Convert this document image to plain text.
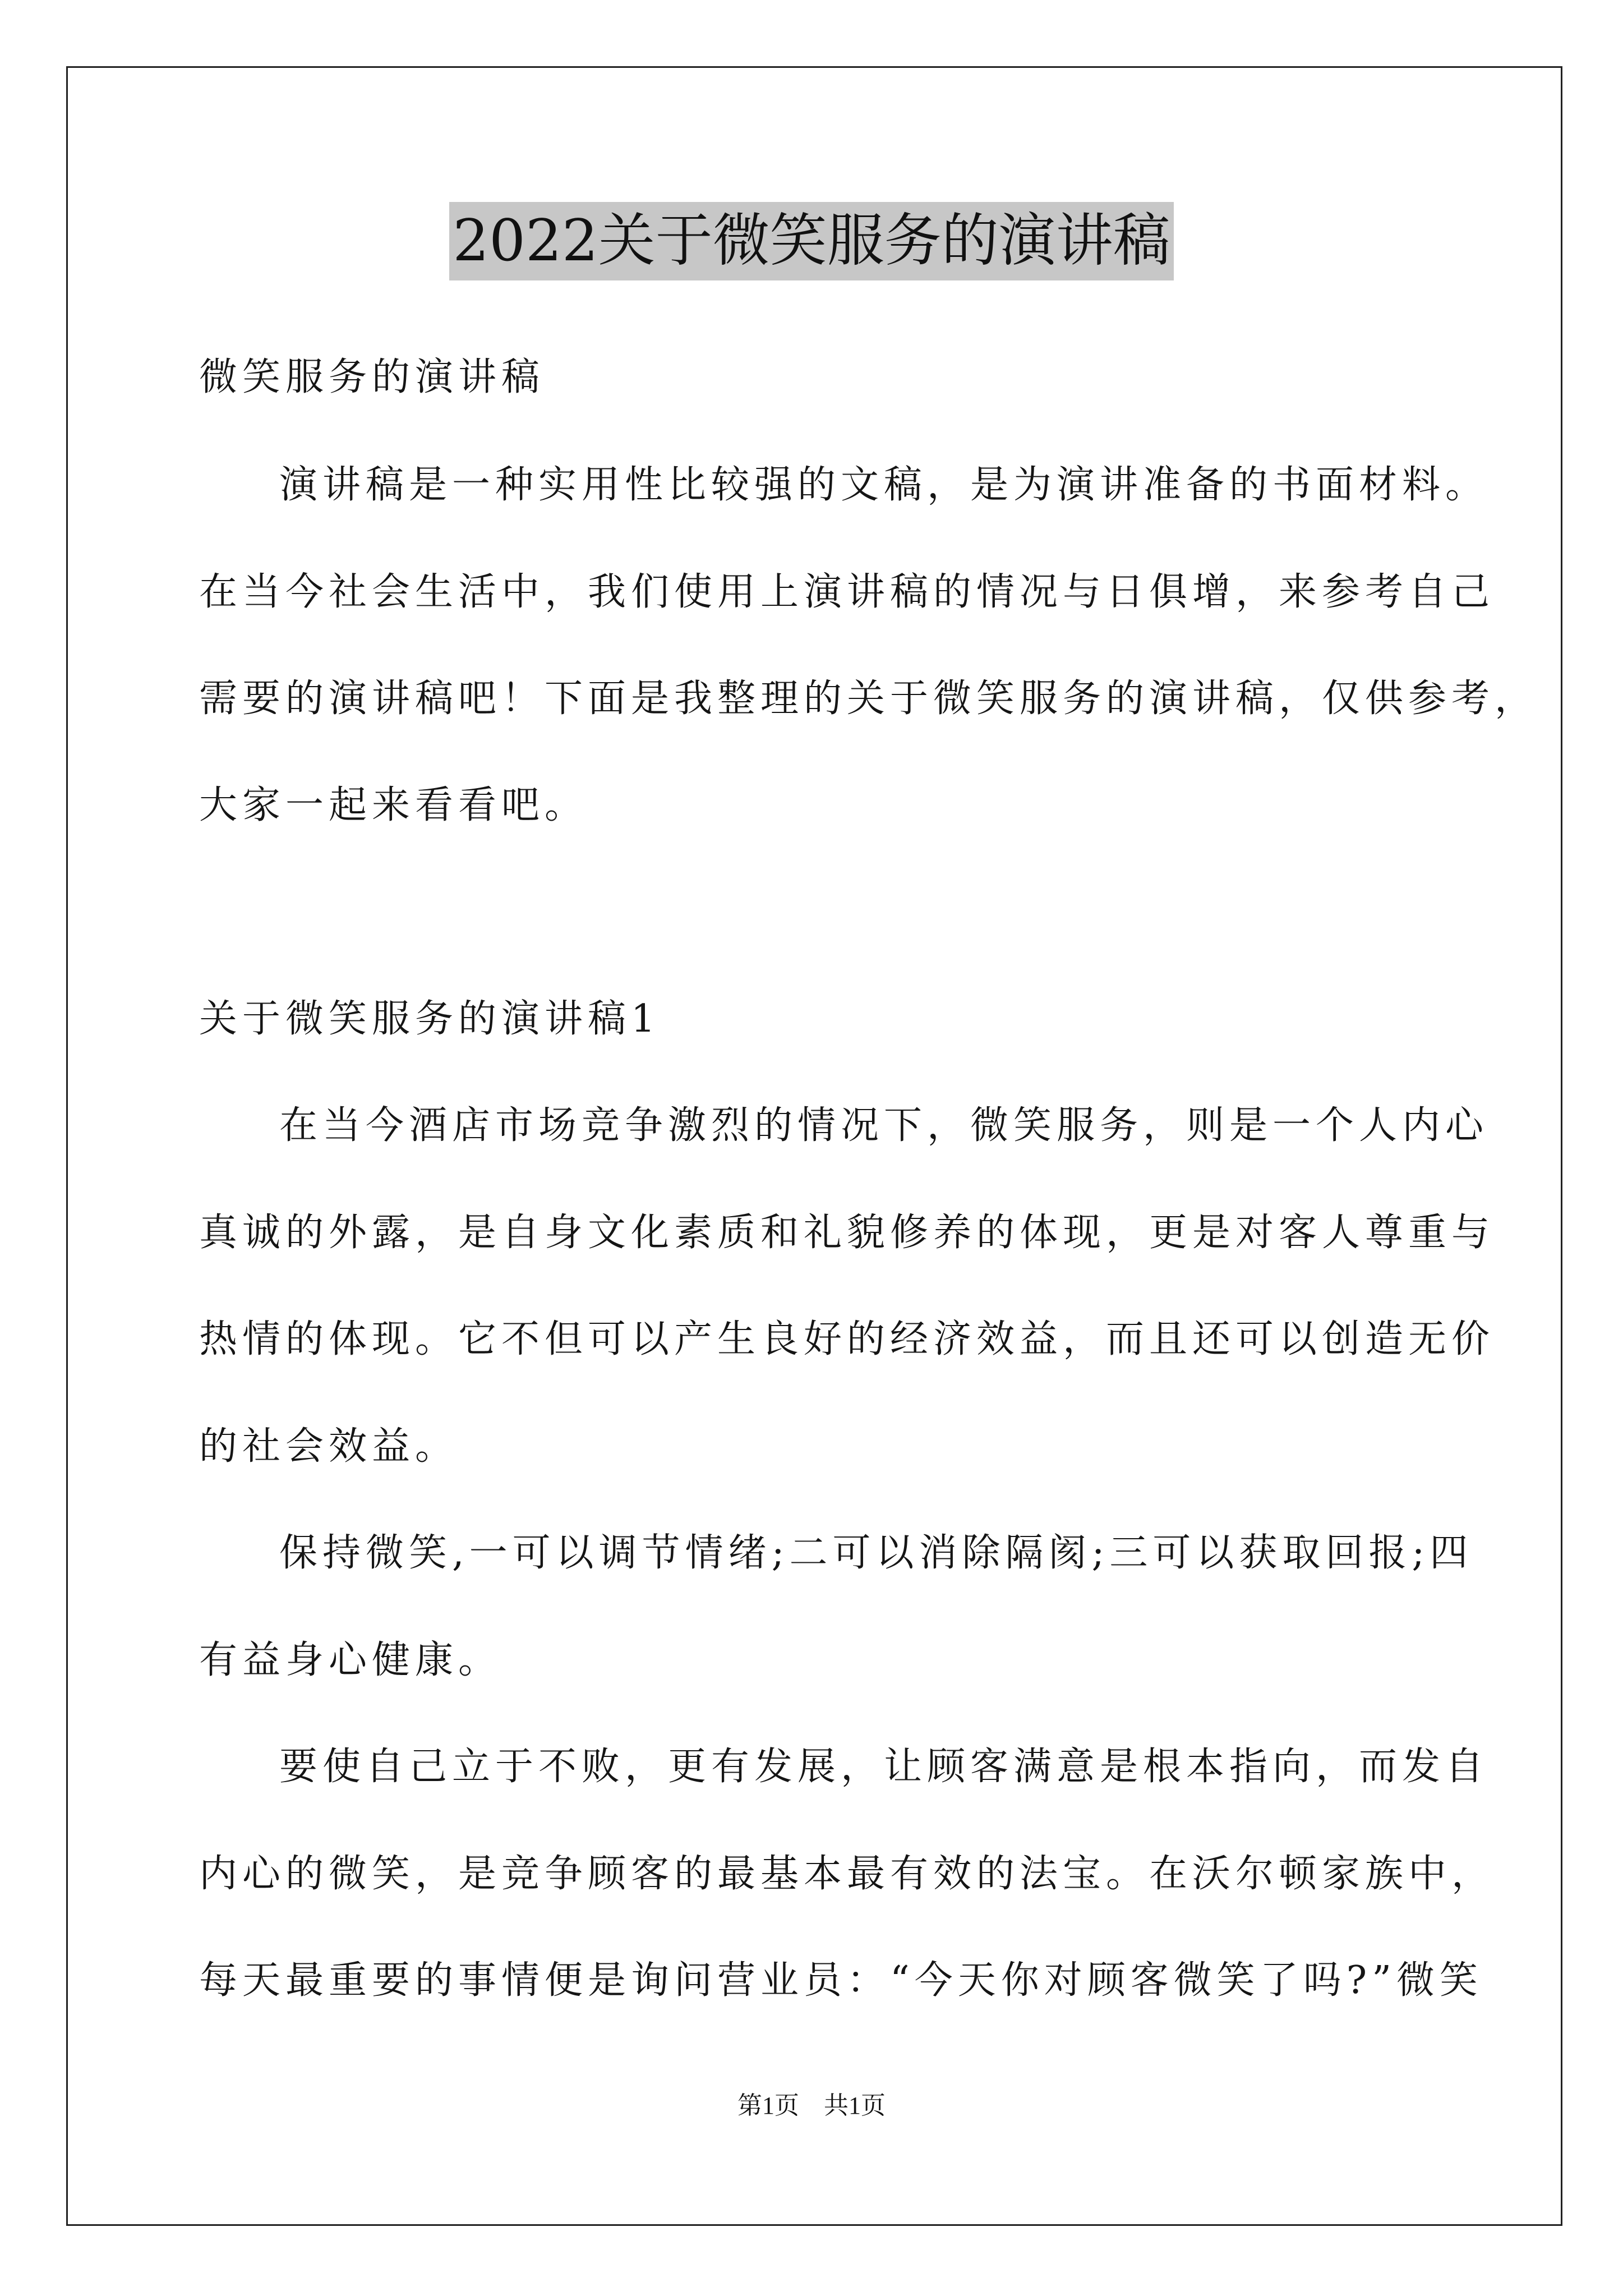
2022关于微笑服务的演讲稿
微笑服务的演讲稿
演讲稿是一种实用性比较强的文稿，是为演讲准备的书面材料。
在当今社会生活中，我们使用上演讲稿的情况与日俱增，来参考自己
需要的演讲稿吧！下面是我整理的关于微笑服务的演讲稿，仅供参考，
大家一起来看看吧。
关于微笑服务的演讲稿1
在当今酒店市场竞争激烈的情况下，微笑服务，则是一个人内心
真诚的外露，是自身文化素质和礼貌修养的体现，更是对客人尊重与
热情的体现。它不但可以产生良好的经济效益，而且还可以创造无价
的社会效益。
保持微笑,一可以调节情绪;二可以消除隔阂;三可以获取回报;四
有益身心健康。
要使自己立于不败，更有发展，让顾客满意是根本指向，而发自
内心的微笑，是竞争顾客的最基本最有效的法宝。在沃尔顿家族中，
每天最重要的事情便是询问营业员：“今天你对顾客微笑了吗?”微笑
第1页　共1页
